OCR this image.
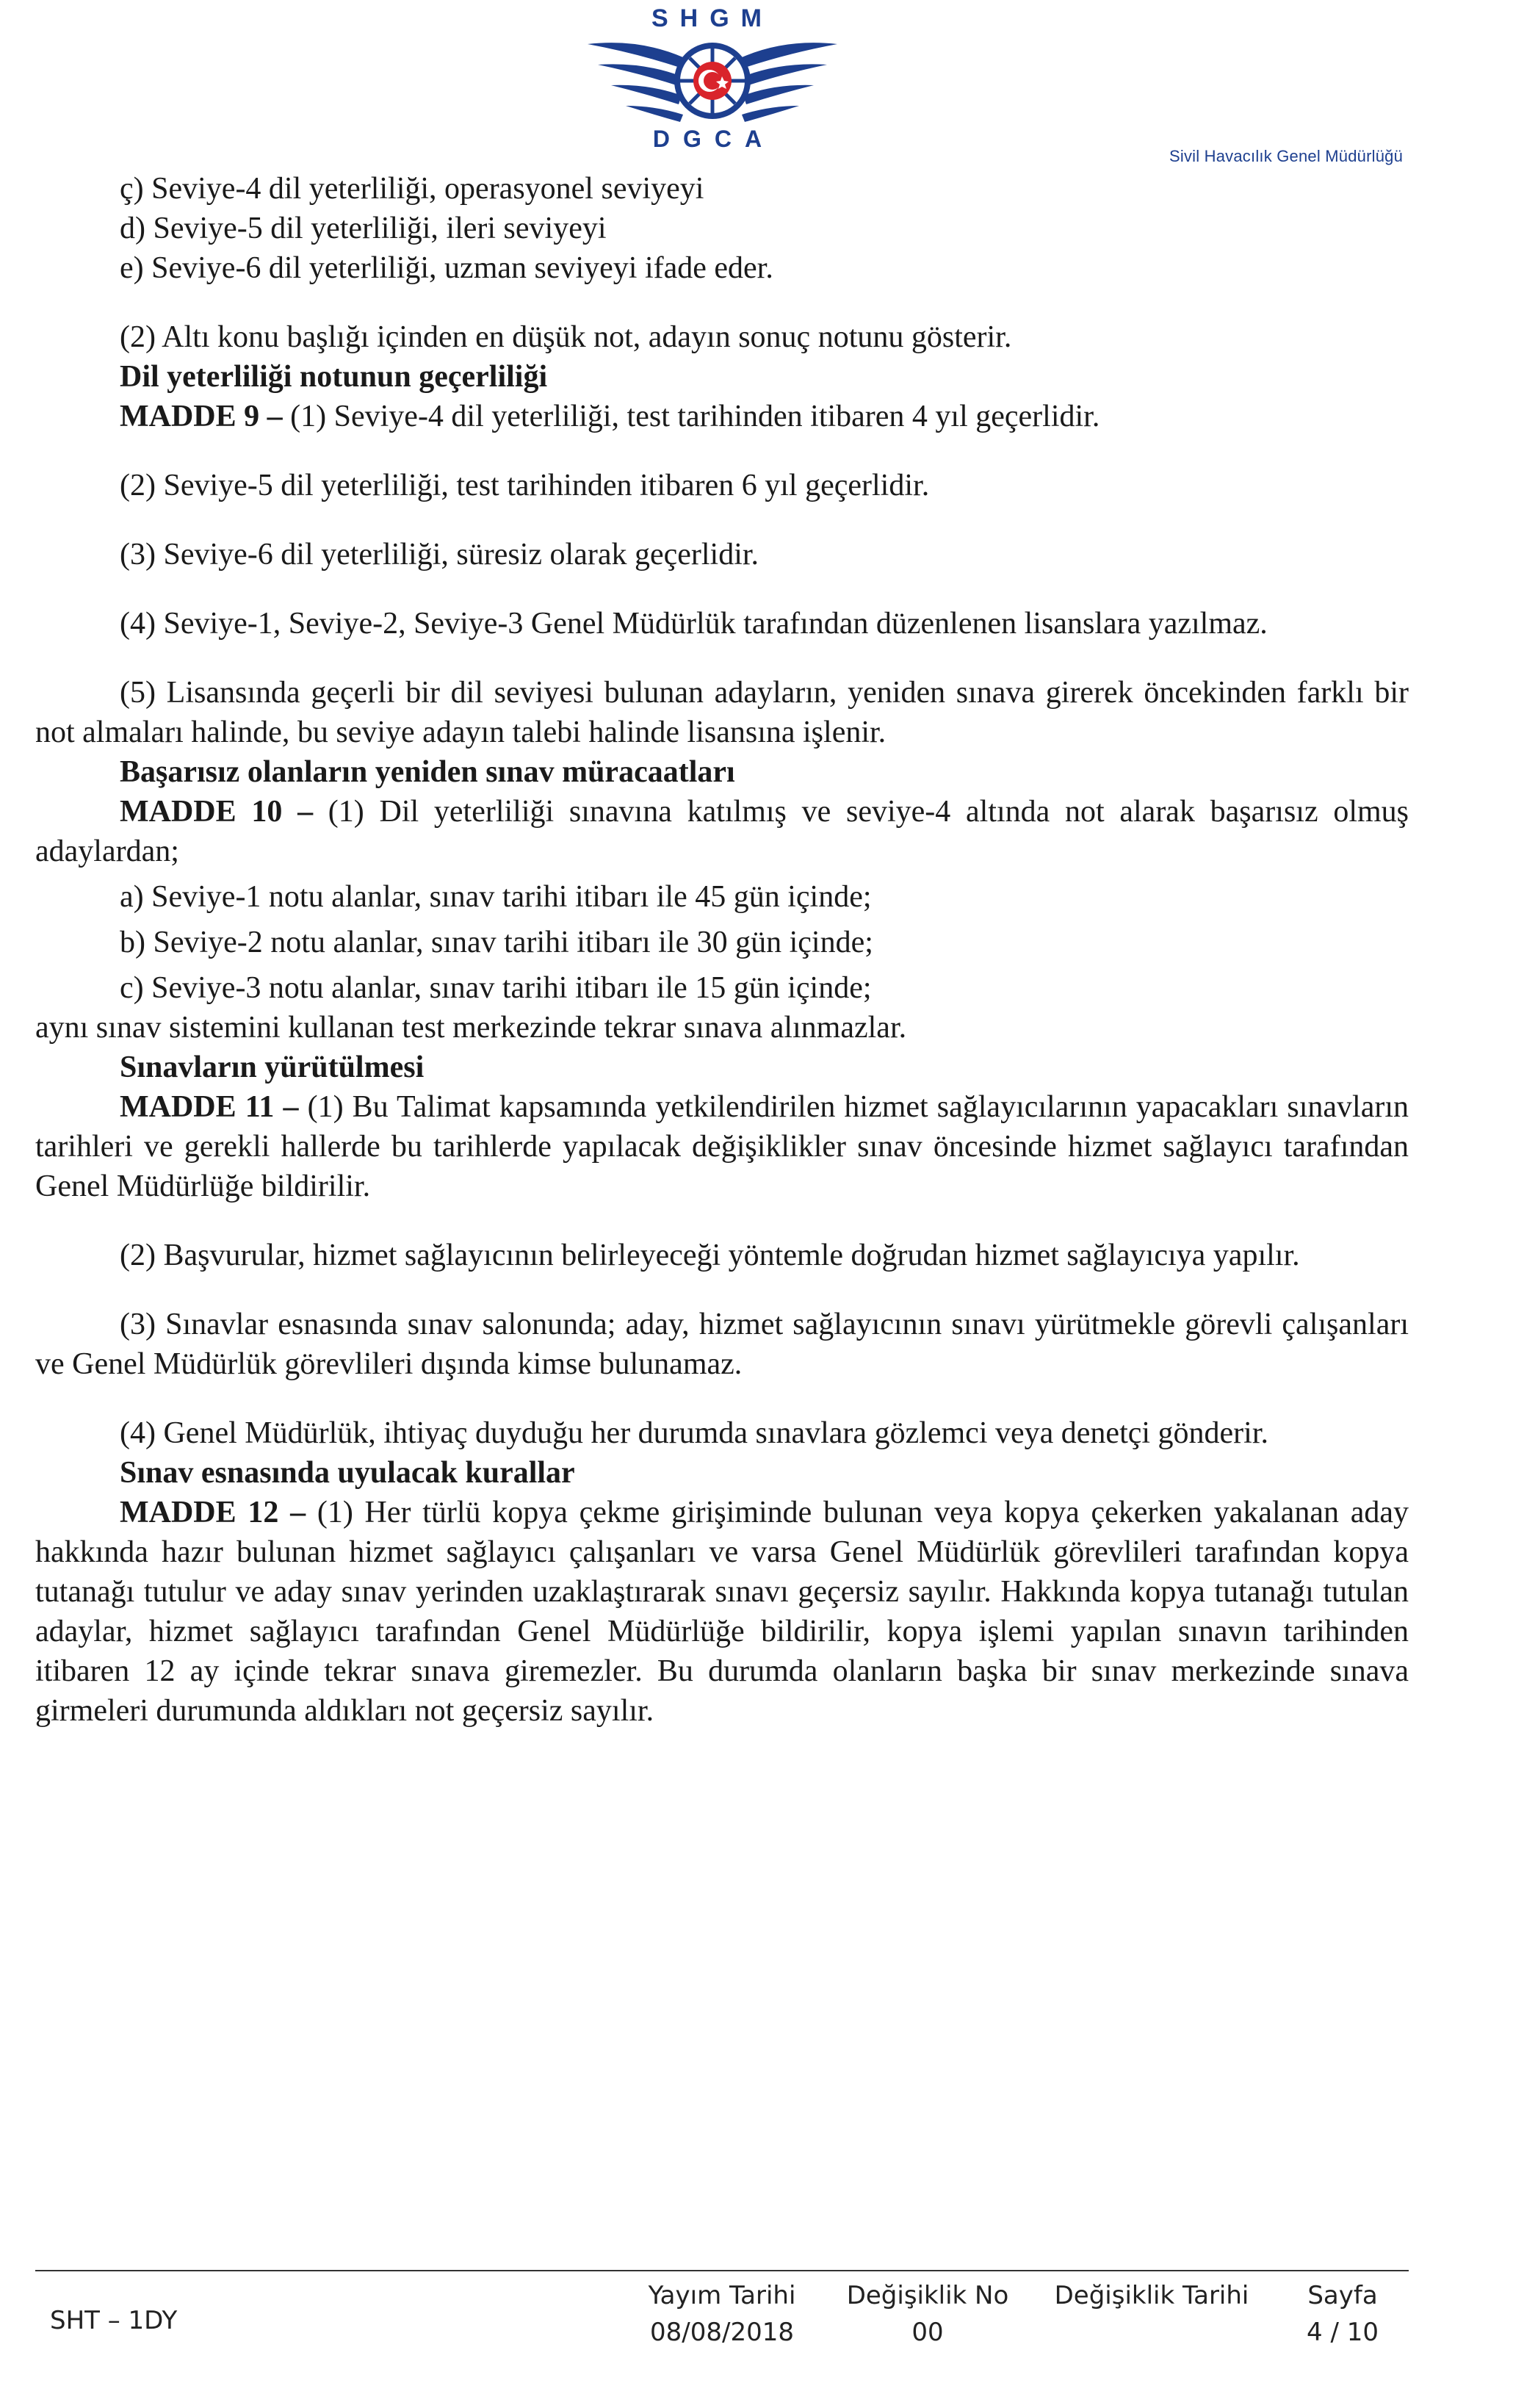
SHGM
DGCA
Sivil Havacılık Genel Müdürlüğü

ç) Seviye-4 dil yeterliliği, operasyonel seviyeyi

d) Seviye-5 dil yeterliliği, ileri seviyeyi

e) Seviye-6 dil yeterliliği, uzman seviyeyi ifade eder.

(2) Altı konu başlığı içinden en düşük not, adayın sonuç notunu gösterir.

Dil yeterliliği notunun geçerliliği

MADDE 9 – (1) Seviye-4 dil yeterliliği, test tarihinden itibaren 4 yıl geçerlidir.

(2) Seviye-5 dil yeterliliği, test tarihinden itibaren 6 yıl geçerlidir.

(3) Seviye-6 dil yeterliliği, süresiz olarak geçerlidir.

(4) Seviye-1, Seviye-2, Seviye-3 Genel Müdürlük tarafından düzenlenen lisanslara yazılmaz.

(5) Lisansında geçerli bir dil seviyesi bulunan adayların, yeniden sınava girerek öncekinden farklı bir not almaları halinde, bu seviye adayın talebi halinde lisansına işlenir.

Başarısız olanların yeniden sınav müracaatları

MADDE 10 – (1) Dil yeterliliği sınavına katılmış ve seviye-4 altında not alarak başarısız olmuş adaylardan;

a) Seviye-1 notu alanlar, sınav tarihi itibarı ile 45 gün içinde;

b) Seviye-2 notu alanlar, sınav tarihi itibarı ile 30 gün içinde;

c) Seviye-3 notu alanlar, sınav tarihi itibarı ile 15 gün içinde;

aynı sınav sistemini kullanan test merkezinde tekrar sınava alınmazlar.

Sınavların yürütülmesi

MADDE 11 – (1) Bu Talimat kapsamında yetkilendirilen hizmet sağlayıcılarının yapacakları sınavların tarihleri ve gerekli hallerde bu tarihlerde yapılacak değişiklikler sınav öncesinde hizmet sağlayıcı tarafından Genel Müdürlüğe bildirilir.

(2) Başvurular, hizmet sağlayıcının belirleyeceği yöntemle doğrudan hizmet sağlayıcıya yapılır.

(3) Sınavlar esnasında sınav salonunda; aday, hizmet sağlayıcının sınavı yürütmekle görevli çalışanları ve Genel Müdürlük görevlileri dışında kimse bulunamaz.

(4) Genel Müdürlük, ihtiyaç duyduğu her durumda sınavlara gözlemci veya denetçi gönderir.

Sınav esnasında uyulacak kurallar

MADDE 12 – (1) Her türlü kopya çekme girişiminde bulunan veya kopya çekerken yakalanan aday hakkında hazır bulunan hizmet sağlayıcı çalışanları ve varsa Genel Müdürlük görevlileri tarafından kopya tutanağı tutulur ve aday sınav yerinden uzaklaştırarak sınavı geçersiz sayılır. Hakkında kopya tutanağı tutulan adaylar, hizmet sağlayıcı tarafından Genel Müdürlüğe bildirilir, kopya işlemi yapılan sınavın tarihinden itibaren 12 ay içinde tekrar sınava giremezler. Bu durumda olanların başka bir sınav merkezinde sınava girmeleri durumunda aldıkları not geçersiz sayılır.

SHT – 1DY
Yayım Tarihi
08/08/2018
Değişiklik No
00
Değişiklik Tarihi	Sayfa
4 / 10
